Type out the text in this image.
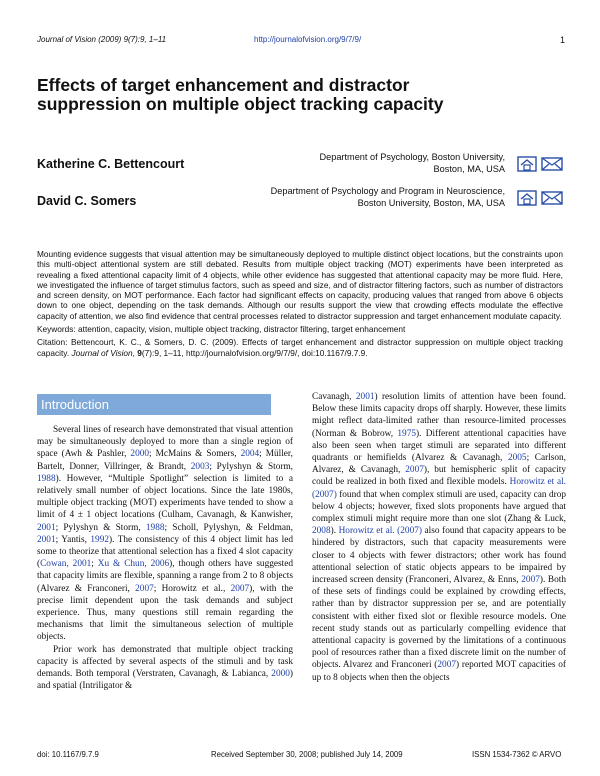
Journal of Vision (2009) 9(7):9, 1–11	http://journalofvision.org/9/7/9/	1
Effects of target enhancement and distractor suppression on multiple object tracking capacity
Katherine C. Bettencourt	Department of Psychology, Boston University,
Boston, MA, USA

David C. Somers
Department of Psychology and Program in Neuroscience,
Boston University, Boston, MA, USA

Mounting evidence suggests that visual attention may be simultaneously deployed to multiple distinct object locations, but the constraints upon this multi-object attentional system are still debated. Results from multiple object tracking (MOT) experiments have been interpreted as revealing a fixed attentional capacity limit of 4 objects, while other evidence has suggested that attentional capacity may be more fluid. Here, we investigated the influence of target stimulus factors, such as speed and size, and of distractor filtering factors, such as number of distractors and screen density, on MOT performance. Each factor had significant effects on capacity, producing values that ranged from above 6 objects down to one object, depending on the task demands. Although our results support the view that crowding effects modulate the effective capacity of attention, we also find evidence that central processes related to distractor suppression and target enhancement modulate capacity.

Keywords: attention, capacity, vision, multiple object tracking, distractor filtering, target enhancement

Citation: Bettencourt, K. C., & Somers, D. C. (2009). Effects of target enhancement and distractor suppression on multiple object tracking capacity. Journal of Vision, 9(7):9, 1–11, http://journalofvision.org/9/7/9/, doi:10.1167/9.7.9.

Introduction

Several lines of research have demonstrated that visual attention may be simultaneously deployed to more than a single region of space (Awh & Pashler, 2000; McMains & Somers, 2004; Müller, Bartelt, Donner, Villringer, & Brandt, 2003; Pylyshyn & Storm, 1988). However, “Multiple Spotlight” selection is limited to a relatively small number of object locations. Since the late 1980s, multiple object tracking (MOT) experiments have tended to show a limit of 4 ± 1 object locations (Culham, Cavanagh, & Kanwisher, 2001; Pylyshyn & Storm, 1988; Scholl, Pylyshyn, & Feldman, 2001; Yantis, 1992). The consistency of this 4 object limit has led some to theorize that attentional selection has a fixed 4 slot capacity (Cowan, 2001; Xu & Chun, 2006), though others have suggested that capacity limits are flexible, spanning a range from 2 to 8 objects (Alvarez & Franconeri, 2007; Horowitz et al., 2007), with the precise limit dependent upon the task demands and subject experience. Thus, many questions still remain regarding the mechanisms that limit the simultaneous selection of multiple objects.

Prior work has demonstrated that multiple object tracking capacity is affected by several aspects of the stimuli and by task demands. Both temporal (Verstraten, Cavanagh, & Labianca, 2000) and spatial (Intriligator &

Cavanagh, 2001) resolution limits of attention have been found. Below these limits capacity drops off sharply. However, these limits might reflect data-limited rather than resource-limited processes (Norman & Bobrow, 1975). Different attentional capacities have also been seen when target stimuli are separated into different quadrants or hemifields (Alvarez & Cavanagh, 2005; Carlson, Alvarez, & Cavanagh, 2007), but hemispheric split of capacity could be realized in both fixed and flexible models. Horowitz et al. (2007) found that when complex stimuli are used, capacity can drop below 4 objects; however, fixed slots proponents have argued that complex stimuli might require more than one slot (Zhang & Luck, 2008). Horowitz et al. (2007) also found that capacity appears to be hindered by distractors, such that capacity measurements were closer to 4 objects with fewer distractors; other work has found attentional selection of static objects appears to be impaired by increased screen density (Franconeri, Alvarez, & Enns, 2007). Both of these sets of findings could be explained by crowding effects, rather than by distractor suppression per se, and are potentially consistent with either fixed slot or flexible resource models. One recent study stands out as particularly compelling evidence that attentional capacity is governed by the limitations of a continuous pool of resources rather than a fixed discrete limit on the number of objects. Alvarez and Franconeri (2007) reported MOT capacities of up to 8 objects when then the objects

doi: 10.1167/9.7.9	Received September 30, 2008; published July 14, 2009	ISSN 1534-7362 © ARVO
